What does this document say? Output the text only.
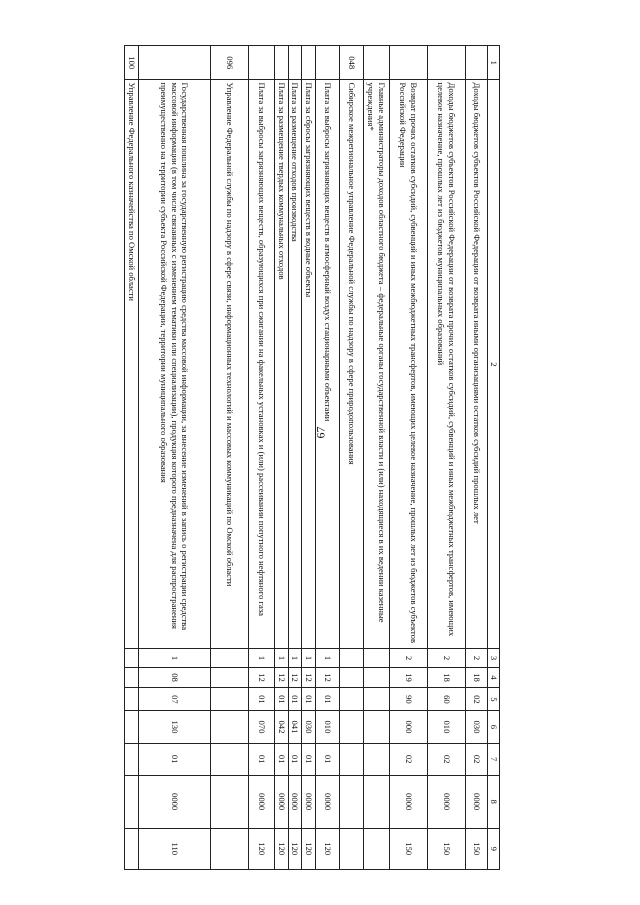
67
1	2	3	4	5	6	7	8	9
	Доходы бюджетов субъектов Российской Федерации от возврата иными организациями остатков субсидий прошлых лет	2	18	02	030	02	0000	150
	Доходы бюджетов субъектов Российской Федерации от возврата прочих остатков субсидий, субвенций и иных межбюджетных трансфертов, имеющих целевое назначение, прошлых лет из бюджетов муниципальных образований	2	18	60	010	02	0000	150
	Возврат прочих остатков субсидий, субвенций и иных межбюджетных трансфертов, имеющих целевое назначение, прошлых лет из бюджетов субъектов Российской Федерации	2	19	90	000	02	0000	150
	Главные администраторы доходов областного бюджета – федеральные органы государственной власти и (или) находящиеся в их ведении казенные учреждения*							
048	Сибирское межрегиональное управление Федеральной службы по надзору в сфере природопользования							
	Плата за выбросы загрязняющих веществ в атмосферный воздух стационарными объектами	1	12	01	010	01	0000	120
	Плата за сбросы загрязняющих веществ в водные объекты	1	12	01	030	01	0000	120
	Плата за размещение отходов производства	1	12	01	041	01	0000	120
	Плата за размещение твердых коммунальных отходов	1	12	01	042	01	0000	120
	Плата за выбросы загрязняющих веществ, образующихся при сжигании на факельных установках и (или) рассеивании попутного нефтяного газа	1	12	01	070	01	0000	120
096	Управление Федеральной службы по надзору в сфере связи, информационных технологий и массовых коммуникаций по Омской области							
	Государственная пошлина за государственную регистрацию средства массовой информации, за внесение изменений в запись о регистрации средства массовой информации (в том числе связанных с изменением тематики или специализации), продукция которого предназначена для распространения преимущественно на территории субъекта Российской Федерации, территории муниципального образования	1	08	07	130	01	0000	110
100	Управление Федерального казначейства по Омской области							
